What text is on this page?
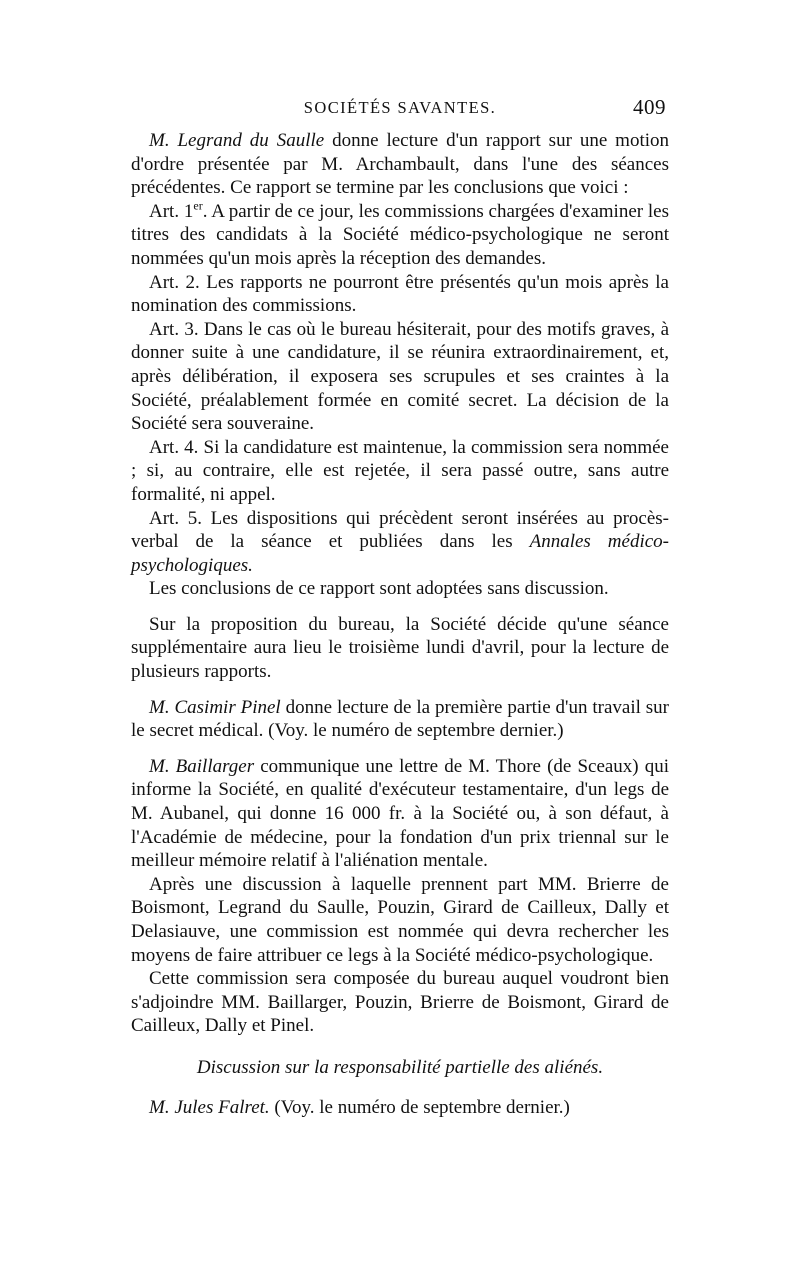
SOCIÉTÉS SAVANTES.	409

M. Legrand du Saulle donne lecture d'un rapport sur une motion d'ordre présentée par M. Archambault, dans l'une des séances précédentes. Ce rapport se termine par les conclusions que voici :

Art. 1er. A partir de ce jour, les commissions chargées d'examiner les titres des candidats à la Société médico-psychologique ne seront nommées qu'un mois après la réception des demandes.

Art. 2. Les rapports ne pourront être présentés qu'un mois après la nomination des commissions.

Art. 3. Dans le cas où le bureau hésiterait, pour des motifs graves, à donner suite à une candidature, il se réunira extraordinairement, et, après délibération, il exposera ses scrupules et ses craintes à la Société, préalablement formée en comité secret. La décision de la Société sera souveraine.

Art. 4. Si la candidature est maintenue, la commission sera nommée ; si, au contraire, elle est rejetée, il sera passé outre, sans autre formalité, ni appel.

Art. 5. Les dispositions qui précèdent seront insérées au procès-verbal de la séance et publiées dans les Annales médico-psychologiques.

Les conclusions de ce rapport sont adoptées sans discussion.

Sur la proposition du bureau, la Société décide qu'une séance supplémentaire aura lieu le troisième lundi d'avril, pour la lecture de plusieurs rapports.

M. Casimir Pinel donne lecture de la première partie d'un travail sur le secret médical. (Voy. le numéro de septembre dernier.)

M. Baillarger communique une lettre de M. Thore (de Sceaux) qui informe la Société, en qualité d'exécuteur testamentaire, d'un legs de M. Aubanel, qui donne 16 000 fr. à la Société ou, à son défaut, à l'Académie de médecine, pour la fondation d'un prix triennal sur le meilleur mémoire relatif à l'aliénation mentale.

Après une discussion à laquelle prennent part MM. Brierre de Boismont, Legrand du Saulle, Pouzin, Girard de Cailleux, Dally et Delasiauve, une commission est nommée qui devra rechercher les moyens de faire attribuer ce legs à la Société médico-psychologique.

Cette commission sera composée du bureau auquel voudront bien s'adjoindre MM. Baillarger, Pouzin, Brierre de Boismont, Girard de Cailleux, Dally et Pinel.

Discussion sur la responsabilité partielle des aliénés.

M. Jules Falret. (Voy. le numéro de septembre dernier.)
